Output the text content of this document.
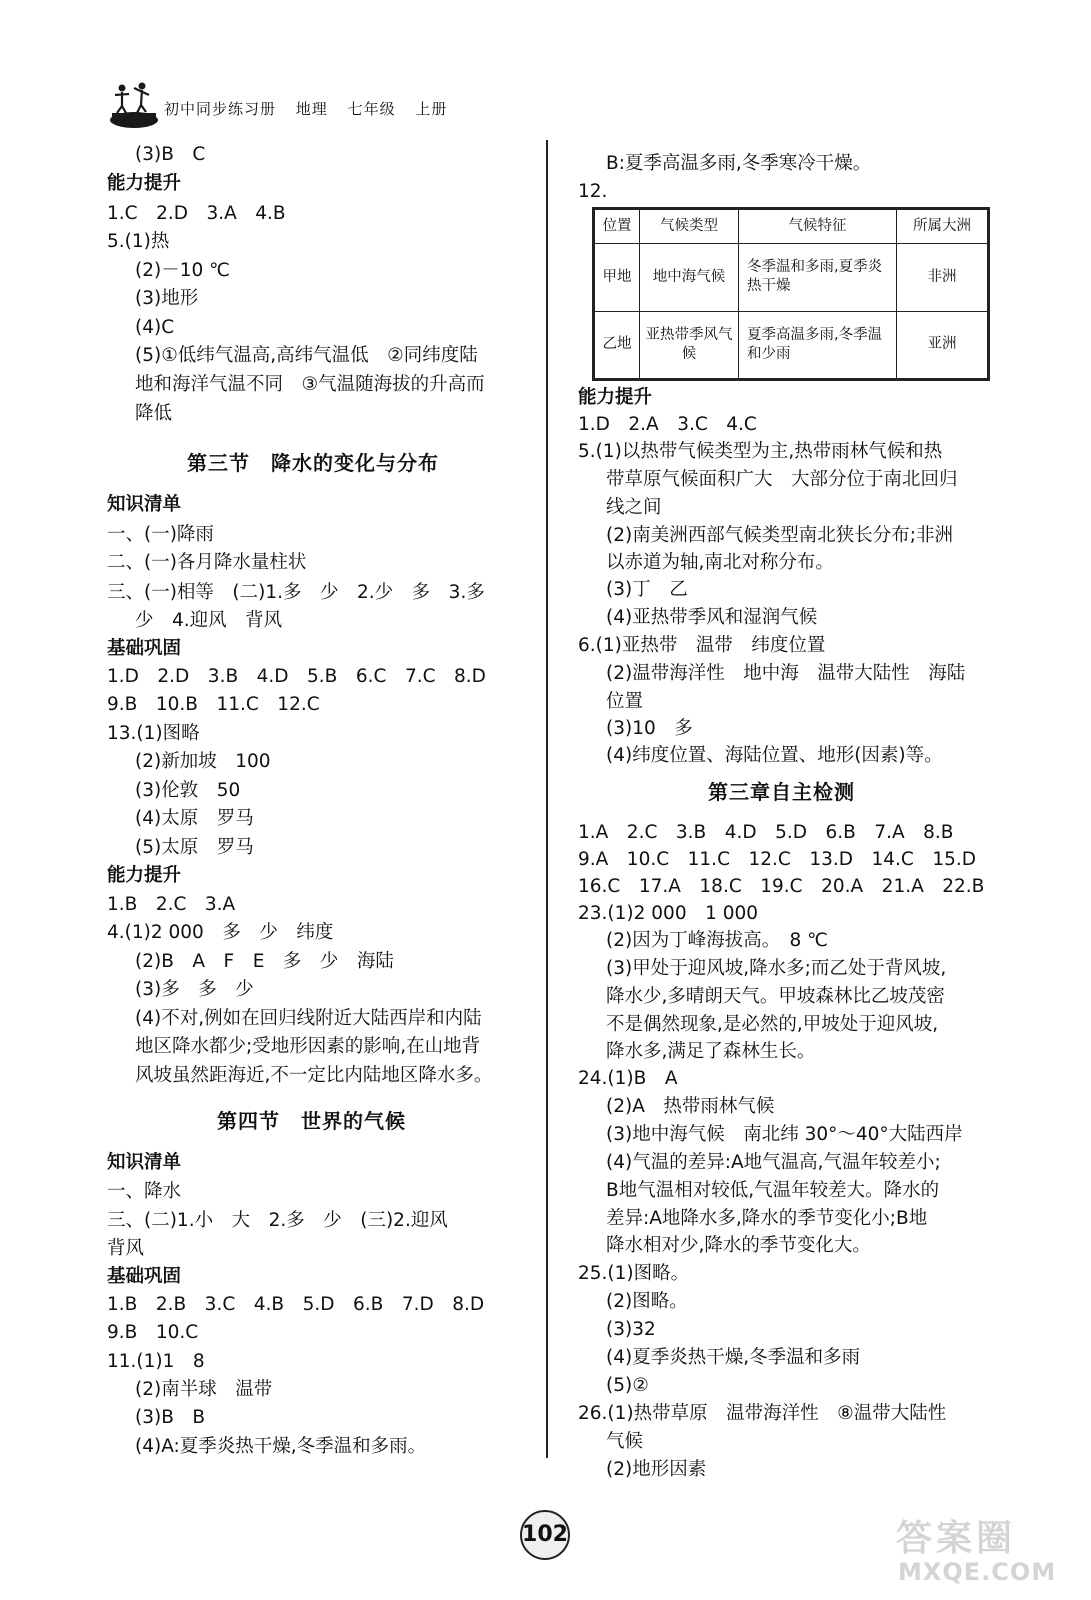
初中同步练习册 地理 七年级 上册
(3)B　C
能力提升
1.C　2.D　3.A　4.B
5.(1)热
(2)－10 ℃
(3)地形
(4)C
(5)①低纬气温高,高纬气温低　②同纬度陆
地和海洋气温不同　③气温随海拔的升高而
降低
第三节　降水的变化与分布
知识清单
一、(一)降雨
二、(一)各月降水量柱状
三、(一)相等　(二)1.多　少　2.少　多　3.多
少　4.迎风　背风
基础巩固
1.D　2.D　3.B　4.D　5.B　6.C　7.C　8.D
9.B　10.B　11.C　12.C
13.(1)图略
(2)新加坡　100
(3)伦敦　50
(4)太原　罗马
(5)太原　罗马
能力提升
1.B　2.C　3.A
4.(1)2 000　多　少　纬度
(2)B　A　F　E　多　少　海陆
(3)多　多　少
(4)不对,例如在回归线附近大陆西岸和内陆
地区降水都少;受地形因素的影响,在山地背
风坡虽然距海近,不一定比内陆地区降水多。
第四节　世界的气候
知识清单
一、降水
三、(二)1.小　大　2.多　少　(三)2.迎风
背风
基础巩固
1.B　2.B　3.C　4.B　5.D　6.B　7.D　8.D
9.B　10.C
11.(1)1　8
(2)南半球　温带
(3)B　B
(4)A:夏季炎热干燥,冬季温和多雨。
B:夏季高温多雨,冬季寒冷干燥。
12.
能力提升
1.D　2.A　3.C　4.C
5.(1)以热带气候类型为主,热带雨林气候和热
带草原气候面积广大　大部分位于南北回归
线之间
(2)南美洲西部气候类型南北狭长分布;非洲
以赤道为轴,南北对称分布。
(3)丁　乙
(4)亚热带季风和湿润气候
6.(1)亚热带　温带　纬度位置
(2)温带海洋性　地中海　温带大陆性　海陆
位置
(3)10　多
(4)纬度位置、海陆位置、地形(因素)等。
第三章自主检测
1.A　2.C　3.B　4.D　5.D　6.B　7.A　8.B
9.A　10.C　11.C　12.C　13.D　14.C　15.D
16.C　17.A　18.C　19.C　20.A　21.A　22.B
23.(1)2 000　1 000
(2)因为丁峰海拔高。　8 ℃
(3)甲处于迎风坡,降水多;而乙处于背风坡,
降水少,多晴朗天气。甲坡森林比乙坡茂密
不是偶然现象,是必然的,甲坡处于迎风坡,
降水多,满足了森林生长。
24.(1)B　A
(2)A　热带雨林气候
(3)地中海气候　南北纬 30°～40°大陆西岸
(4)气温的差异:A地气温高,气温年较差小;
B地气温相对较低,气温年较差大。降水的
差异:A地降水多,降水的季节变化小;B地
降水相对少,降水的季节变化大。
25.(1)图略。
(2)图略。
(3)32
(4)夏季炎热干燥,冬季温和多雨
(5)②
26.(1)热带草原　温带海洋性　⑧温带大陆性
气候
(2)地形因素
位置	气候类型	气候特征	所属大洲
甲地	地中海气候	冬季温和多雨,夏季炎热干燥	非洲
乙地	亚热带季风气候	夏季高温多雨,冬季温和少雨	亚洲
102	答案圈
MXQE.COM
